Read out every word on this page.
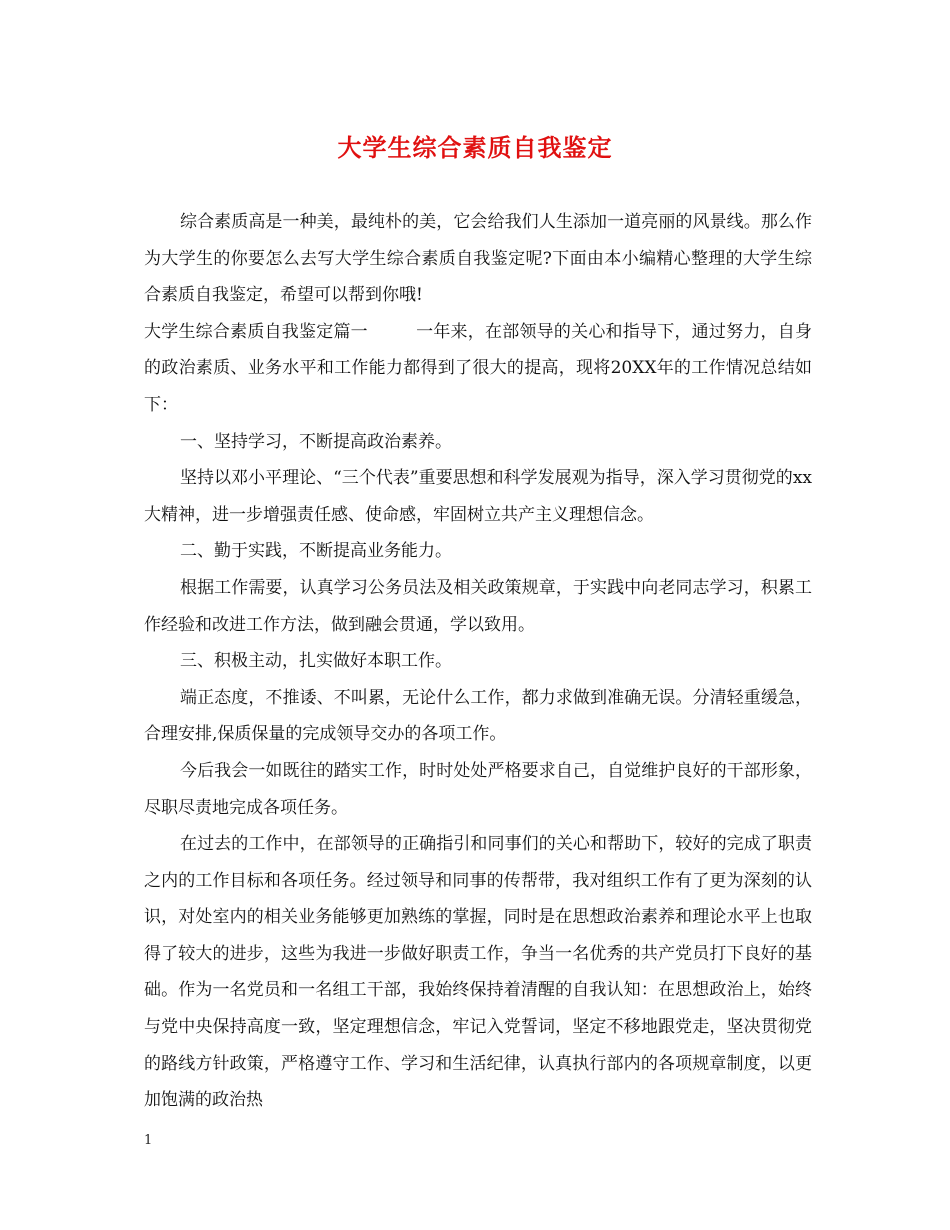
大学生综合素质自我鉴定

综合素质高是一种美，最纯朴的美，它会给我们人生添加一道亮丽的风景线。那么作为大学生的你要怎么去写大学生综合素质自我鉴定呢?下面由本小编精心整理的大学生综合素质自我鉴定，希望可以帮到你哦!

大学生综合素质自我鉴定篇一	一年来，在部领导的关心和指导下，通过努力，自身的政治素质、业务水平和工作能力都得到了很大的提高，现将20XX年的工作情况总结如下：

一、坚持学习，不断提高政治素养。

坚持以邓小平理论、“三个代表”重要思想和科学发展观为指导，深入学习贯彻党的xx大精神，进一步增强责任感、使命感，牢固树立共产主义理想信念。

二、勤于实践，不断提高业务能力。

根据工作需要，认真学习公务员法及相关政策规章，于实践中向老同志学习，积累工作经验和改进工作方法，做到融会贯通，学以致用。

三、积极主动，扎实做好本职工作。

端正态度，不推诿、不叫累，无论什么工作，都力求做到准确无误。分清轻重缓急，合理安排,保质保量的完成领导交办的各项工作。

今后我会一如既往的踏实工作，时时处处严格要求自己，自觉维护良好的干部形象，尽职尽责地完成各项任务。

在过去的工作中，在部领导的正确指引和同事们的关心和帮助下，较好的完成了职责之内的工作目标和各项任务。经过领导和同事的传帮带，我对组织工作有了更为深刻的认识，对处室内的相关业务能够更加熟练的掌握，同时是在思想政治素养和理论水平上也取得了较大的进步，这些为我进一步做好职责工作，争当一名优秀的共产党员打下良好的基础。作为一名党员和一名组工干部，我始终保持着清醒的自我认知：在思想政治上，始终与党中央保持高度一致，坚定理想信念，牢记入党誓词，坚定不移地跟党走，坚决贯彻党的路线方针政策，严格遵守工作、学习和生活纪律，认真执行部内的各项规章制度，以更加饱满的政治热

1
